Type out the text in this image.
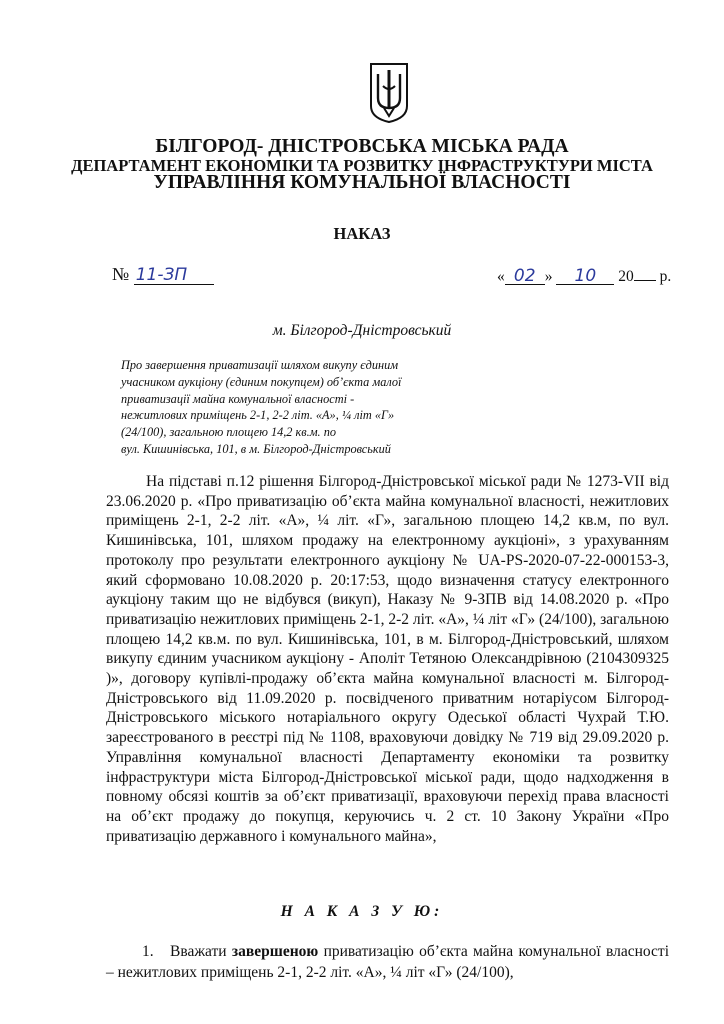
БІЛГОРОД- ДНІСТРОВСЬКА МІСЬКА РАДА
ДЕПАРТАМЕНТ ЕКОНОМІКИ ТА РОЗВИТКУ ІНФРАСТРУКТУРИ МІСТА
УПРАВЛІННЯ КОМУНАЛЬНОЇ ВЛАСНОСТІ
НАКАЗ
№ 11-ЗП	« 02 » 10 20 р.
м. Білгород-Дністровський
Про завершення приватизації шляхом викупу єдиним
учасником аукціону (єдиним покупцем) об’єкта малої
приватизації майна комунальної власності -
нежитлових приміщень 2-1, 2-2 літ. «А», ¼ літ «Г»
(24/100), загальною площею 14,2 кв.м. по
вул. Кишинівська, 101, в м. Білгород-Дністровський
На підставі п.12 рішення Білгород-Дністровської міської ради № 1273-VII від 23.06.2020 р. «Про приватизацію об’єкта майна комунальної власності, нежитлових приміщень 2-1, 2-2 літ. «А», ¼ літ. «Г», загальною площею 14,2 кв.м, по вул. Кишинівська, 101, шляхом продажу на електронному аукціоні», з урахуванням протоколу про результати електронного аукціону № UA-PS-2020-07-22-000153-3, який сформовано 10.08.2020 р. 20:17:53, щодо визначення статусу електронного аукціону таким що не відбувся (викуп), Наказу № 9-ЗПВ від 14.08.2020 р. «Про приватизацію нежитлових приміщень 2-1, 2-2 літ. «А», ¼ літ «Г» (24/100), загальною площею 14,2 кв.м. по вул. Кишинівська, 101, в м. Білгород-Дністровський, шляхом викупу єдиним учасником аукціону - Аполіт Тетяною Олександрівною (2104309325 )», договору купівлі-продажу об’єкта майна комунальної власності м. Білгород-Дністровського від 11.09.2020 р. посвідченого приватним нотаріусом Білгород-Дністровського міського нотаріального округу Одеської області Чухрай Т.Ю. зареєстрованого в реєстрі під № 1108, враховуючи довідку № 719 від 29.09.2020 р. Управління комунальної власності Департаменту економіки та розвитку інфраструктури міста Білгород-Дністровської міської ради, щодо надходження в повному обсязі коштів за об’єкт приватизації, враховуючи перехід права власності на об’єкт продажу до покупця, керуючись ч. 2 ст. 10 Закону України «Про приватизацію державного і комунального майна»,
Н А К А З У Ю:
1. Вважати завершеною приватизацію об’єкта майна комунальної власності – нежитлових приміщень 2-1, 2-2 літ. «А», ¼ літ «Г» (24/100),
